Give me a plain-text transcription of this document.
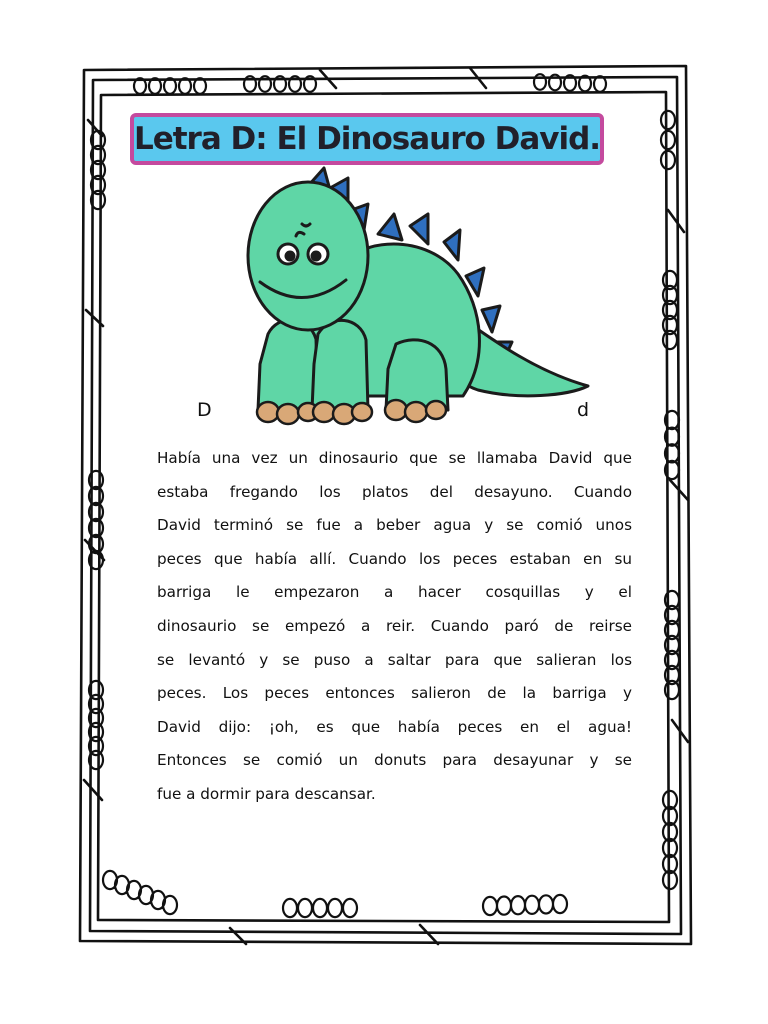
Letra D: El Dinosauro David.
D	d
Había una vez un dinosaurio que se llamaba David que
estaba fregando los platos del desayuno. Cuando
David terminó se fue a beber agua y se comió unos
peces que había allí. Cuando los peces estaban en su
barriga le empezaron a hacer cosquillas y el
dinosaurio se empezó a reir. Cuando paró de reirse
se levantó y se puso a saltar para que salieran los
peces. Los peces entonces salieron de la barriga y
David dijo: ¡oh, es que había peces en el agua!
Entonces se comió un donuts para desayunar y se
fue a dormir para descansar.
